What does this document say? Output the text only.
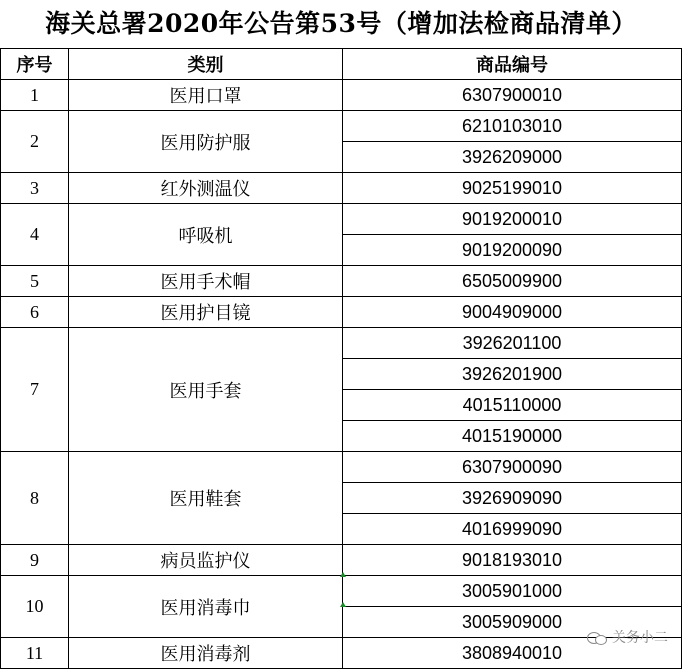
海关总署2020年公告第53号（增加法检商品清单）
序号	类别	商品编号
1	医用口罩	6307900010
2	医用防护服	6210103010
		3926209000
3	红外测温仪	9025199010
4	呼吸机	9019200010
		9019200090
5	医用手术帽	6505009900
6	医用护目镜	9004909000
7	医用手套	3926201100
		3926201900
		4015110000
		4015190000
8	医用鞋套	6307900090
		3926909090
		4016999090
9	病员监护仪	9018193010
10	医用消毒巾	3005901000
		3005909000
11	医用消毒剂	3808940010
关务小二
